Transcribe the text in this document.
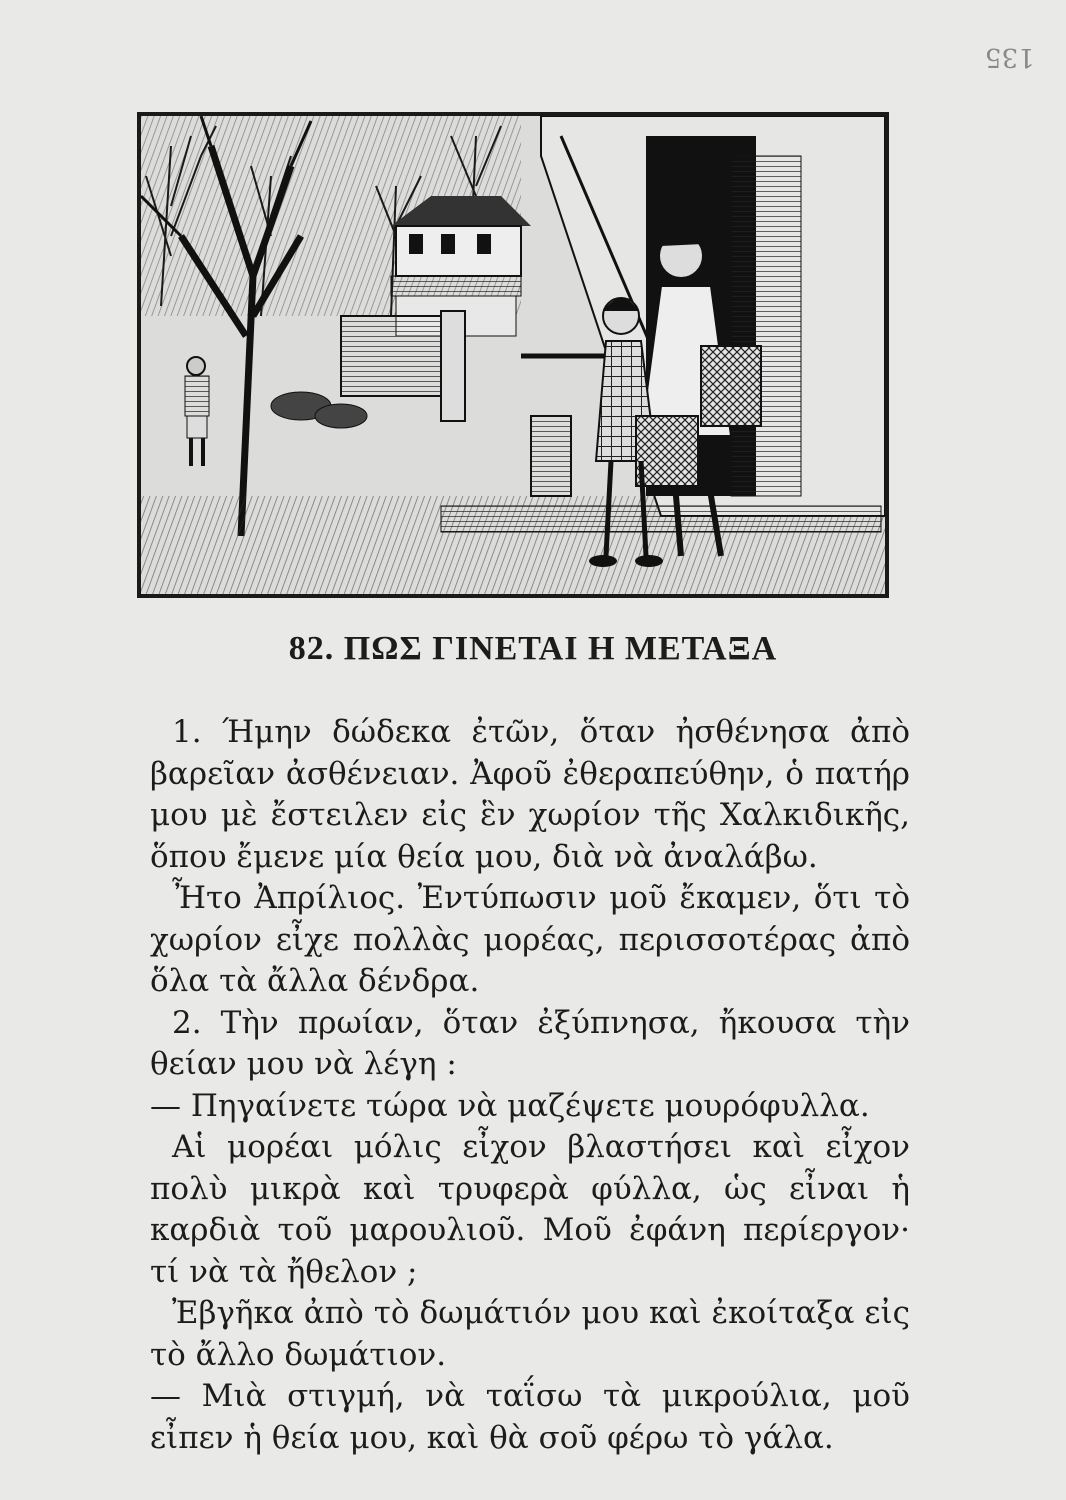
135
82. ΠΩΣ ΓΙΝΕΤΑΙ Η ΜΕΤΑΞΑ

1. Ήμην δώδεκα ἐτῶν, ὅταν ἠσθένησα ἀπὸ βαρεῖαν ἀσθένειαν. Ἀφοῦ ἐθεραπεύθην, ὁ πατήρ μου μὲ ἔστειλεν εἰς ἓν χωρίον τῆς Χαλκιδικῆς, ὅπου ἔμενε μία θεία μου, διὰ νὰ ἀναλάβω.

Ἦτο Ἀπρίλιος. Ἐντύπωσιν μοῦ ἔκαμεν, ὅτι τὸ χωρίον εἶχε πολλὰς μορέας, περισσοτέρας ἀπὸ ὅλα τὰ ἄλλα δένδρα.

2. Τὴν πρωίαν, ὅταν ἐξύπνησα, ἤκουσα τὴν θείαν μου νὰ λέγη :

— Πηγαίνετε τώρα νὰ μαζέψετε μουρόφυλλα.

Αἱ μορέαι μόλις εἶχον βλαστήσει καὶ εἶχον πολὺ μικρὰ καὶ τρυφερὰ φύλλα, ὡς εἶναι ἡ καρδιὰ τοῦ μαρουλιοῦ. Μοῦ ἐφάνη περίεργον· τί νὰ τὰ ἤθελον ;

Ἐβγῆκα ἀπὸ τὸ δωμάτιόν μου καὶ ἐκοίταξα εἰς τὸ ἄλλο δωμάτιον.

— Μιὰ στιγμή, νὰ ταΐσω τὰ μικρούλια, μοῦ εἶπεν ἡ θεία μου, καὶ θὰ σοῦ φέρω τὸ γάλα.
